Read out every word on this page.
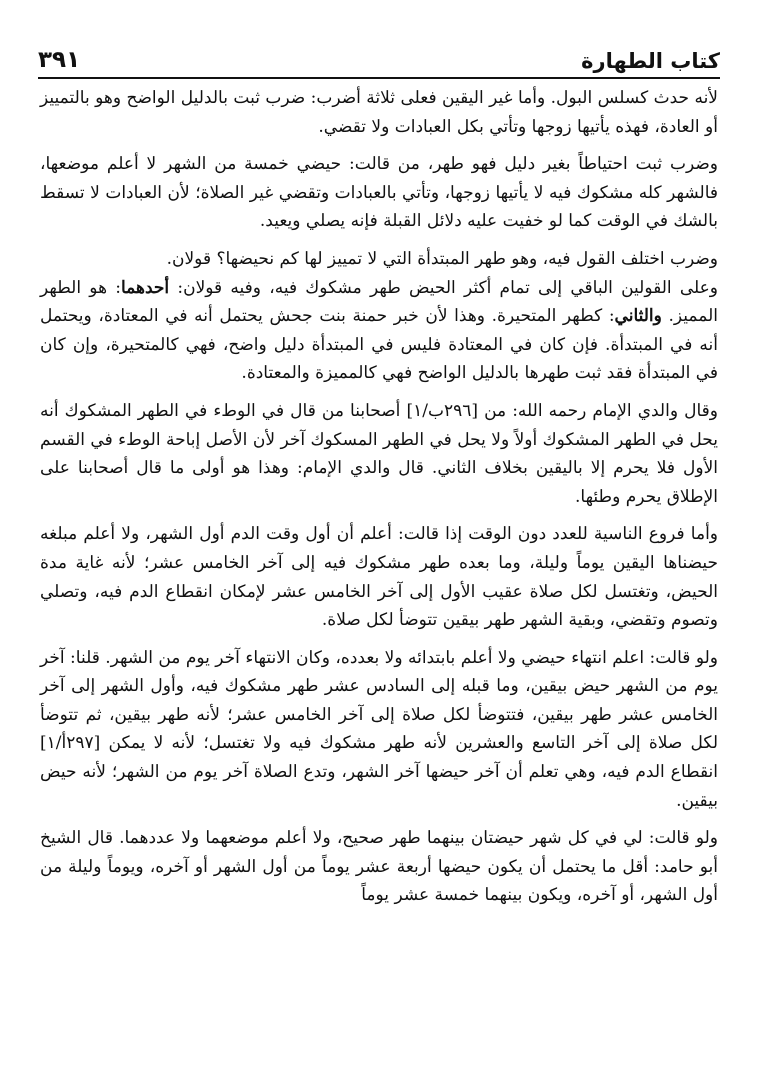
كتاب الطهارة
٣٩١

لأنه حدث كسلس البول. وأما غير اليقين فعلى ثلاثة أضرب: ضرب ثبت بالدليل الواضح وهو بالتمييز أو العادة، فهذه يأتيها زوجها وتأتي بكل العبادات ولا تقضي.

وضرب ثبت احتياطاً بغير دليل فهو طهر، من قالت: حيضي خمسة من الشهر لا أعلم موضعها، فالشهر كله مشكوك فيه لا يأتيها زوجها، وتأتي بالعبادات وتقضي غير الصلاة؛ لأن العبادات لا تسقط بالشك في الوقت كما لو خفيت عليه دلائل القبلة فإنه يصلي ويعيد.

وضرب اختلف القول فيه، وهو طهر المبتدأة التي لا تمييز لها كم نحيضها؟ قولان.

وعلى القولين الباقي إلى تمام أكثر الحيض طهر مشكوك فيه، وفيه قولان: أحدهما: هو الطهر المميز. والثاني: كطهر المتحيرة. وهذا لأن خبر حمنة بنت جحش يحتمل أنه في المعتادة، ويحتمل أنه في المبتدأة. فإن كان في المعتادة فليس في المبتدأة دليل واضح، فهي كالمتحيرة، وإن كان في المبتدأة فقد ثبت طهرها بالدليل الواضح فهي كالمميزة والمعتادة.

وقال والدي الإمام رحمه الله: من [٢٩٦ب/١] أصحابنا من قال في الوطء في الطهر المشكوك أنه يحل في الطهر المشكوك أولاً ولا يحل في الطهر المسكوك آخر لأن الأصل إباحة الوطء في القسم الأول فلا يحرم إلا باليقين بخلاف الثاني. قال والدي الإمام: وهذا هو أولى ما قال أصحابنا على الإطلاق يحرم وطئها.

وأما فروع الناسية للعدد دون الوقت إذا قالت: أعلم أن أول وقت الدم أول الشهر، ولا أعلم مبلغه حيضناها اليقين يوماً وليلة، وما بعده طهر مشكوك فيه إلى آخر الخامس عشر؛ لأنه غاية مدة الحيض، وتغتسل لكل صلاة عقيب الأول إلى آخر الخامس عشر لإمكان انقطاع الدم فيه، وتصلي وتصوم وتقضي، وبقية الشهر طهر بيقين تتوضأ لكل صلاة.

ولو قالت: اعلم انتهاء حيضي ولا أعلم بابتدائه ولا بعدده، وكان الانتهاء آخر يوم من الشهر. قلنا: آخر يوم من الشهر حيض بيقين، وما قبله إلى السادس عشر طهر مشكوك فيه، وأول الشهر إلى آخر الخامس عشر طهر بيقين، فتتوضأ لكل صلاة إلى آخر الخامس عشر؛ لأنه طهر بيقين، ثم تتوضأ لكل صلاة إلى آخر التاسع والعشرين لأنه طهر مشكوك فيه ولا تغتسل؛ لأنه لا يمكن [٢٩٧أ/١] انقطاع الدم فيه، وهي تعلم أن آخر حيضها آخر الشهر، وتدع الصلاة آخر يوم من الشهر؛ لأنه حيض بيقين.

ولو قالت: لي في كل شهر حيضتان بينهما طهر صحيح، ولا أعلم موضعهما ولا عددهما. قال الشيخ أبو حامد: أقل ما يحتمل أن يكون حيضها أربعة عشر يوماً من أول الشهر أو آخره، ويوماً وليلة من أول الشهر، أو آخره، ويكون بينهما خمسة عشر يوماً
